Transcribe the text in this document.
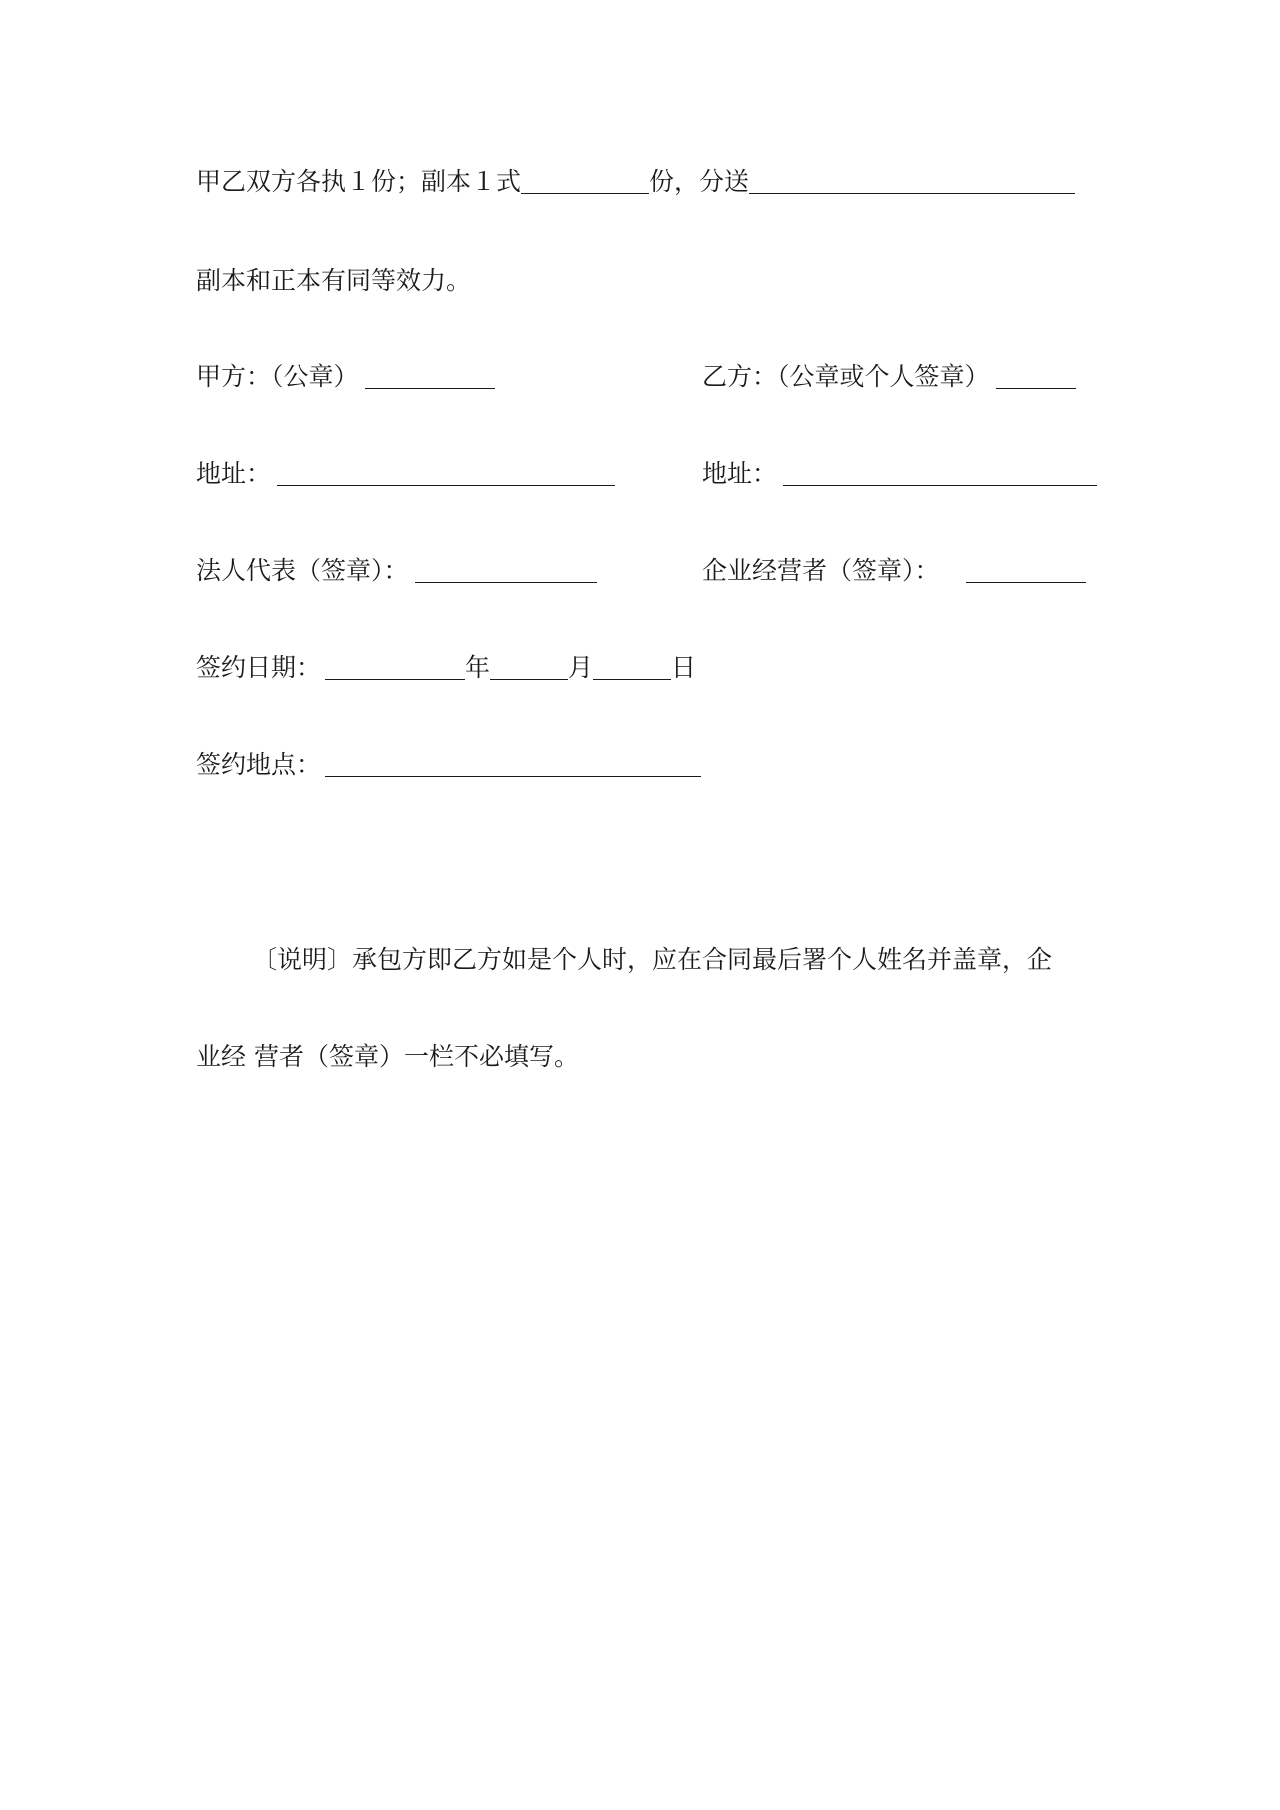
甲乙双方各执１份；副本１式	份，分送
副本和正本有同等效力。
甲方：（公章）	乙方：（公章或个人签章）
地址：	地址：
法人代表（签章）：	企业经营者（签章）：
签约日期：	年	月	日
签约地点：
〔说明〕承包方即乙方如是个人时，应在合同最后署个人姓名并盖章，企
业经 营者（签章）一栏不必填写。
